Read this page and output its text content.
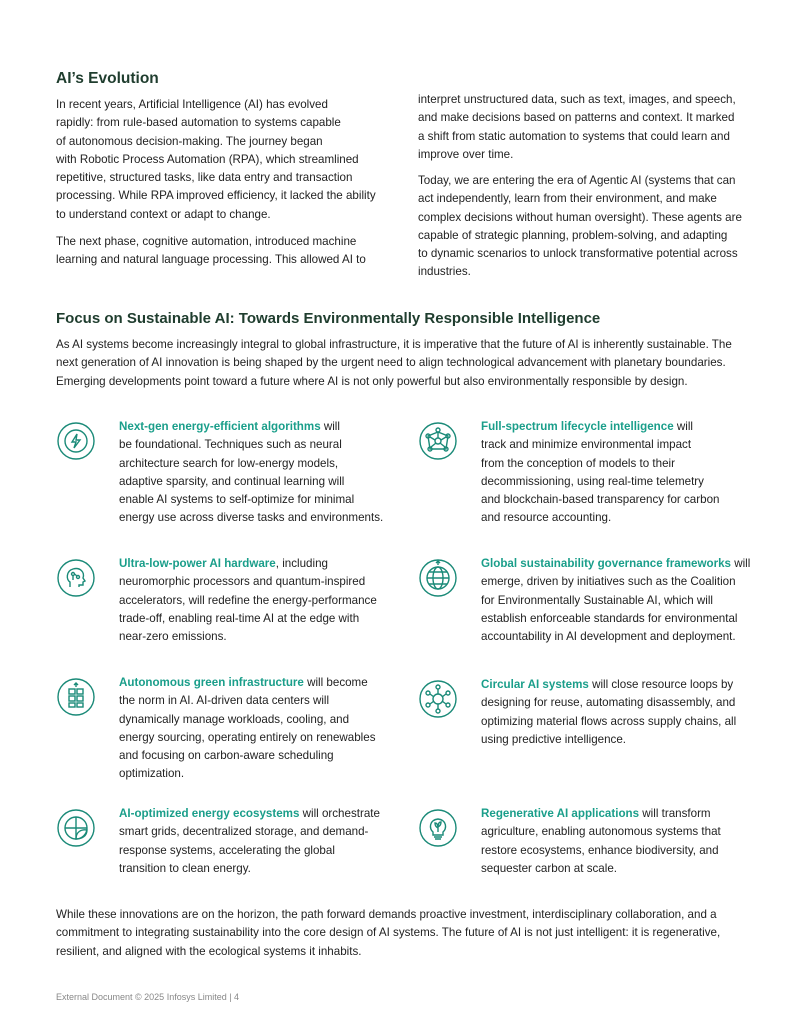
AI’s Evolution

In recent years, Artificial Intelligence (AI) has evolved
rapidly: from rule-based automation to systems capable
of autonomous decision-making. The journey began
with Robotic Process Automation (RPA), which streamlined
repetitive, structured tasks, like data entry and transaction
processing. While RPA improved efficiency, it lacked the ability
to understand context or adapt to change.

The next phase, cognitive automation, introduced machine
learning and natural language processing. This allowed AI to

interpret unstructured data, such as text, images, and speech,
and make decisions based on patterns and context. It marked
a shift from static automation to systems that could learn and
improve over time.

Today, we are entering the era of Agentic AI (systems that can
act independently, learn from their environment, and make
complex decisions without human oversight). These agents are
capable of strategic planning, problem-solving, and adapting
to dynamic scenarios to unlock transformative potential across
industries.

Focus on Sustainable AI: Towards Environmentally Responsible Intelligence

As AI systems become increasingly integral to global infrastructure, it is imperative that the future of AI is inherently sustainable. The
next generation of AI innovation is being shaped by the urgent need to align technological advancement with planetary boundaries.
Emerging developments point toward a future where AI is not only powerful but also environmentally responsible by design.

Next-gen energy-efficient algorithms will
be foundational. Techniques such as neural
architecture search for low-energy models,
adaptive sparsity, and continual learning will
enable AI systems to self-optimize for minimal
energy use across diverse tasks and environments.
Full-spectrum lifecycle intelligence will
track and minimize environmental impact
from the conception of models to their
decommissioning, using real-time telemetry
and blockchain-based transparency for carbon
and resource accounting.
Ultra-low-power AI hardware, including
neuromorphic processors and quantum-inspired
accelerators, will redefine the energy-performance
trade-off, enabling real-time AI at the edge with
near-zero emissions.
Global sustainability governance frameworks will
emerge, driven by initiatives such as the Coalition
for Environmentally Sustainable AI, which will
establish enforceable standards for environmental
accountability in AI development and deployment.
Autonomous green infrastructure will become
the norm in AI. AI-driven data centers will
dynamically manage workloads, cooling, and
energy sourcing, operating entirely on renewables
and focusing on carbon-aware scheduling
optimization.
Circular AI systems will close resource loops by
designing for reuse, automating disassembly, and
optimizing material flows across supply chains, all
using predictive intelligence.
AI-optimized energy ecosystems will orchestrate
smart grids, decentralized storage, and demand-
response systems, accelerating the global
transition to clean energy.
Regenerative AI applications will transform
agriculture, enabling autonomous systems that
restore ecosystems, enhance biodiversity, and
sequester carbon at scale.

While these innovations are on the horizon, the path forward demands proactive investment, interdisciplinary collaboration, and a
commitment to integrating sustainability into the core design of AI systems. The future of AI is not just intelligent: it is regenerative,
resilient, and aligned with the ecological systems it inhabits.

External Document © 2025 Infosys Limited | 4
